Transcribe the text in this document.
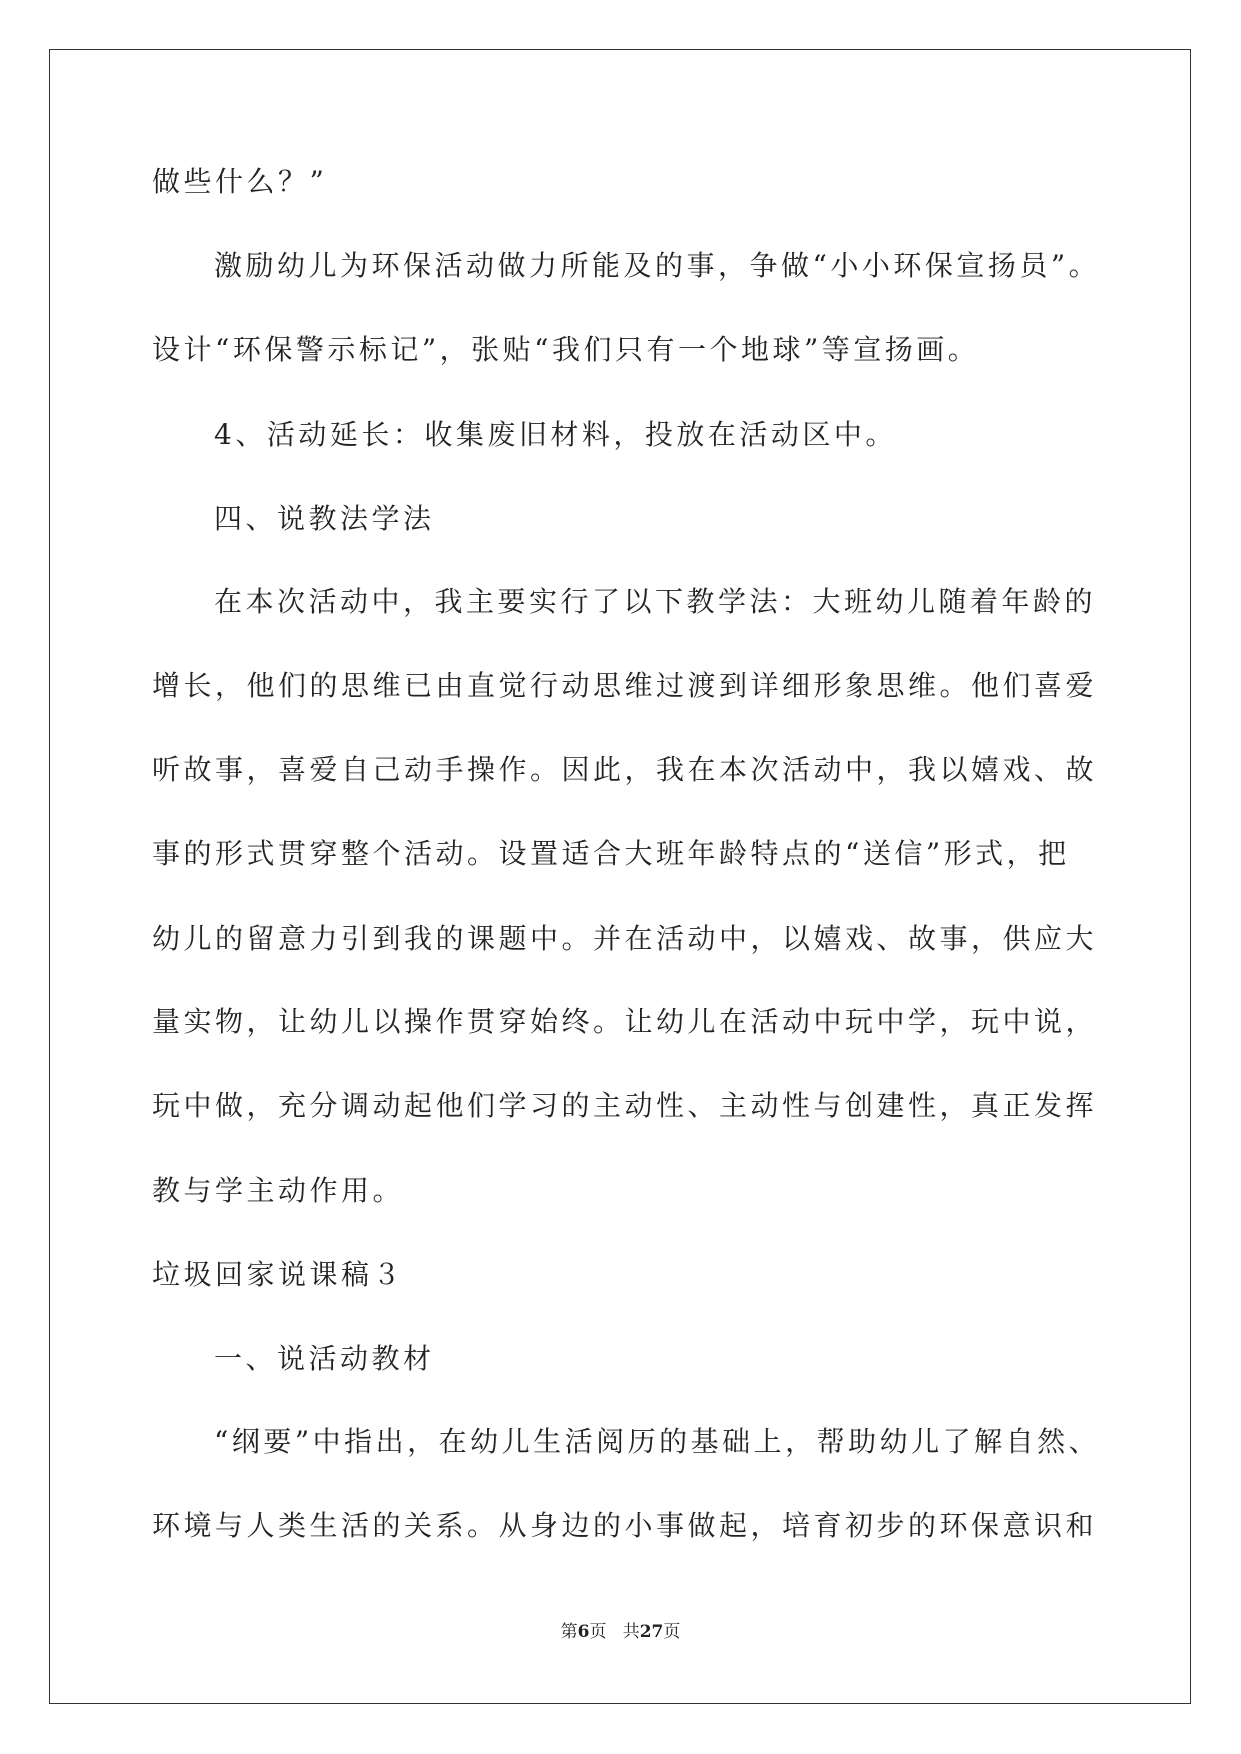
做些什么？”
激励幼儿为环保活动做力所能及的事，争做“小小环保宣扬员”。
设计“环保警示标记”，张贴“我们只有一个地球”等宣扬画。
4、活动延长：收集废旧材料，投放在活动区中。
四、说教法学法
在本次活动中，我主要实行了以下教学法：大班幼儿随着年龄的
增长，他们的思维已由直觉行动思维过渡到详细形象思维。他们喜爱
听故事，喜爱自己动手操作。因此，我在本次活动中，我以嬉戏、故
事的形式贯穿整个活动。设置适合大班年龄特点的“送信”形式，把
幼儿的留意力引到我的课题中。并在活动中，以嬉戏、故事，供应大
量实物，让幼儿以操作贯穿始终。让幼儿在活动中玩中学，玩中说，
玩中做，充分调动起他们学习的主动性、主动性与创建性，真正发挥
教与学主动作用。
垃圾回家说课稿３
一、说活动教材
“纲要”中指出，在幼儿生活阅历的基础上，帮助幼儿了解自然、
环境与人类生活的关系。从身边的小事做起，培育初步的环保意识和
第6页 共27页
